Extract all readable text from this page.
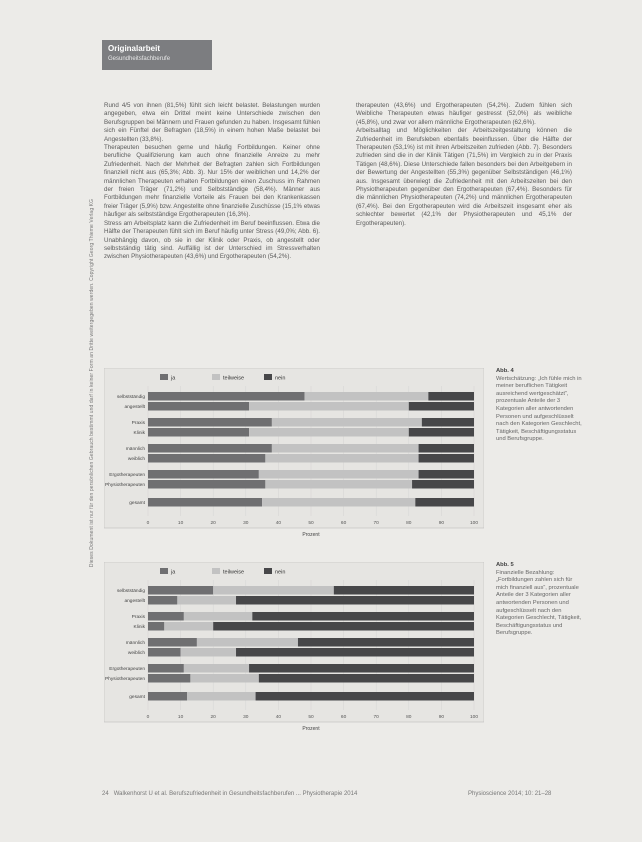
Dieses Dokument ist nur für den persönlichen Gebrauch bestimmt und darf in keiner Form an Dritte weitergegeben werden. Copyright Georg Thieme Verlag KG
Originalarbeit
Gesundheitsfachberufe

Rund 4/5 von ihnen (81,5%) fühlt sich leicht belastet. Belastungen wurden angegeben, etwa ein Drittel meint keine Unterschiede zwischen den Berufsgruppen bei Männern und Frauen gefunden zu haben. Insgesamt fühlen sich ein Fünftel der Befragten (18,5%) in einem hohen Maße belastet bei Angestellten (33,8%).

Therapeuten besuchen gerne und häufig Fortbildungen. Keiner ohne berufliche Qualifizierung kam auch ohne finanzielle Anreize zu mehr Zufriedenheit. Nach der Mehrheit der Befragten zahlen sich Fortbildungen finanziell nicht aus (65,3%; Abb. 3). Nur 15% der weiblichen und 14,2% der männlichen Therapeuten erhalten Fortbildungen einen Zuschuss im Rahmen der freien Träger (71,2%) und Selbstständige (58,4%). Männer aus Fortbildungen mehr finanzielle Vorteile als Frauen bei den Krankenkassen freier Träger (5,9%) bzw. Angestellte ohne finanzielle Zuschüsse (15,1% etwas häufiger als selbstständige Ergotherapeuten (16,3%).

Stress am Arbeitsplatz kann die Zufriedenheit im Beruf beeinflussen. Etwa die Hälfte der Therapeuten fühlt sich im Beruf häufig unter Stress (49,0%; Abb. 6). Unabhängig davon, ob sie in der Klinik oder Praxis, ob angestellt oder selbstständig tätig sind. Auffällig ist der Unterschied im Stressverhalten zwischen Physiotherapeuten (43,6%) und Ergotherapeuten (54,2%).

therapeuten (43,6%) und Ergotherapeuten (54,2%). Zudem fühlen sich Weibliche Therapeuten etwas häufiger gestresst (52,0%) als weibliche (45,8%), und zwar vor allem männliche Ergotherapeuten (62,6%).

Arbeitsalltag und Möglichkeiten der Arbeitszeitgestaltung können die Zufriedenheit im Berufsleben ebenfalls beeinflussen. Über die Hälfte der Therapeuten (53,1%) ist mit ihren Arbeitszeiten zufrieden (Abb. 7). Besonders zufrieden sind die in der Klinik Tätigen (71,5%) im Vergleich zu in der Praxis Tätigen (48,6%). Diese Unterschiede fallen besonders bei den Arbeitgebern in der Bewertung der Angestellten (55,3%) gegenüber Selbstständigen (46,1%) aus. Insgesamt überwiegt die Zufriedenheit mit den Arbeitszeiten bei den Physiotherapeuten gegenüber den Ergotherapeuten (67,4%). Besonders für die männlichen Physiotherapeuten (74,2%) und männlichen Ergotherapeuten (67,4%). Bei den Ergotherapeuten wird die Arbeitszeit insgesamt eher als schlechter bewertet (42,1% der Physiotherapeuten und 45,1% der Ergotherapeuten).

ja	teilweise	nein
0	10	20	30	40	50	60	70	80	90	100
Prozent
selbstständig
angestellt
Praxis
Klinik
männlich
weiblich
Ergotherapeuten
Physiotherapeuten
gesamt
Abb. 4
Wertschätzung: „Ich fühle mich in meiner beruflichen Tätigkeit ausreichend wertgeschätzt“, prozentuale Anteile der 3 Kategorien aller antwortenden Personen und aufgeschlüsselt nach den Kategorien Geschlecht, Tätigkeit, Beschäftigungsstatus und Berufsgruppe.
ja	teilweise	nein
0	10	20	30	40	50	60	70	80	90	100
Prozent
selbstständig
angestellt
Praxis
Klinik
männlich
weiblich
Ergotherapeuten
Physiotherapeuten
gesamt
Abb. 5
Finanzielle Bezahlung: „Fortbildungen zahlen sich für mich finanziell aus“, prozentuale Anteile der 3 Kategorien aller antwortenden Personen und aufgeschlüsselt nach den Kategorien Geschlecht, Tätigkeit, Beschäftigungsstatus und Berufsgruppe.
24 Walkenhorst U et al. Berufszufriedenheit in Gesundheitsfachberufen ... Physiotherapie 2014	Physioscience 2014; 10: 21–28
